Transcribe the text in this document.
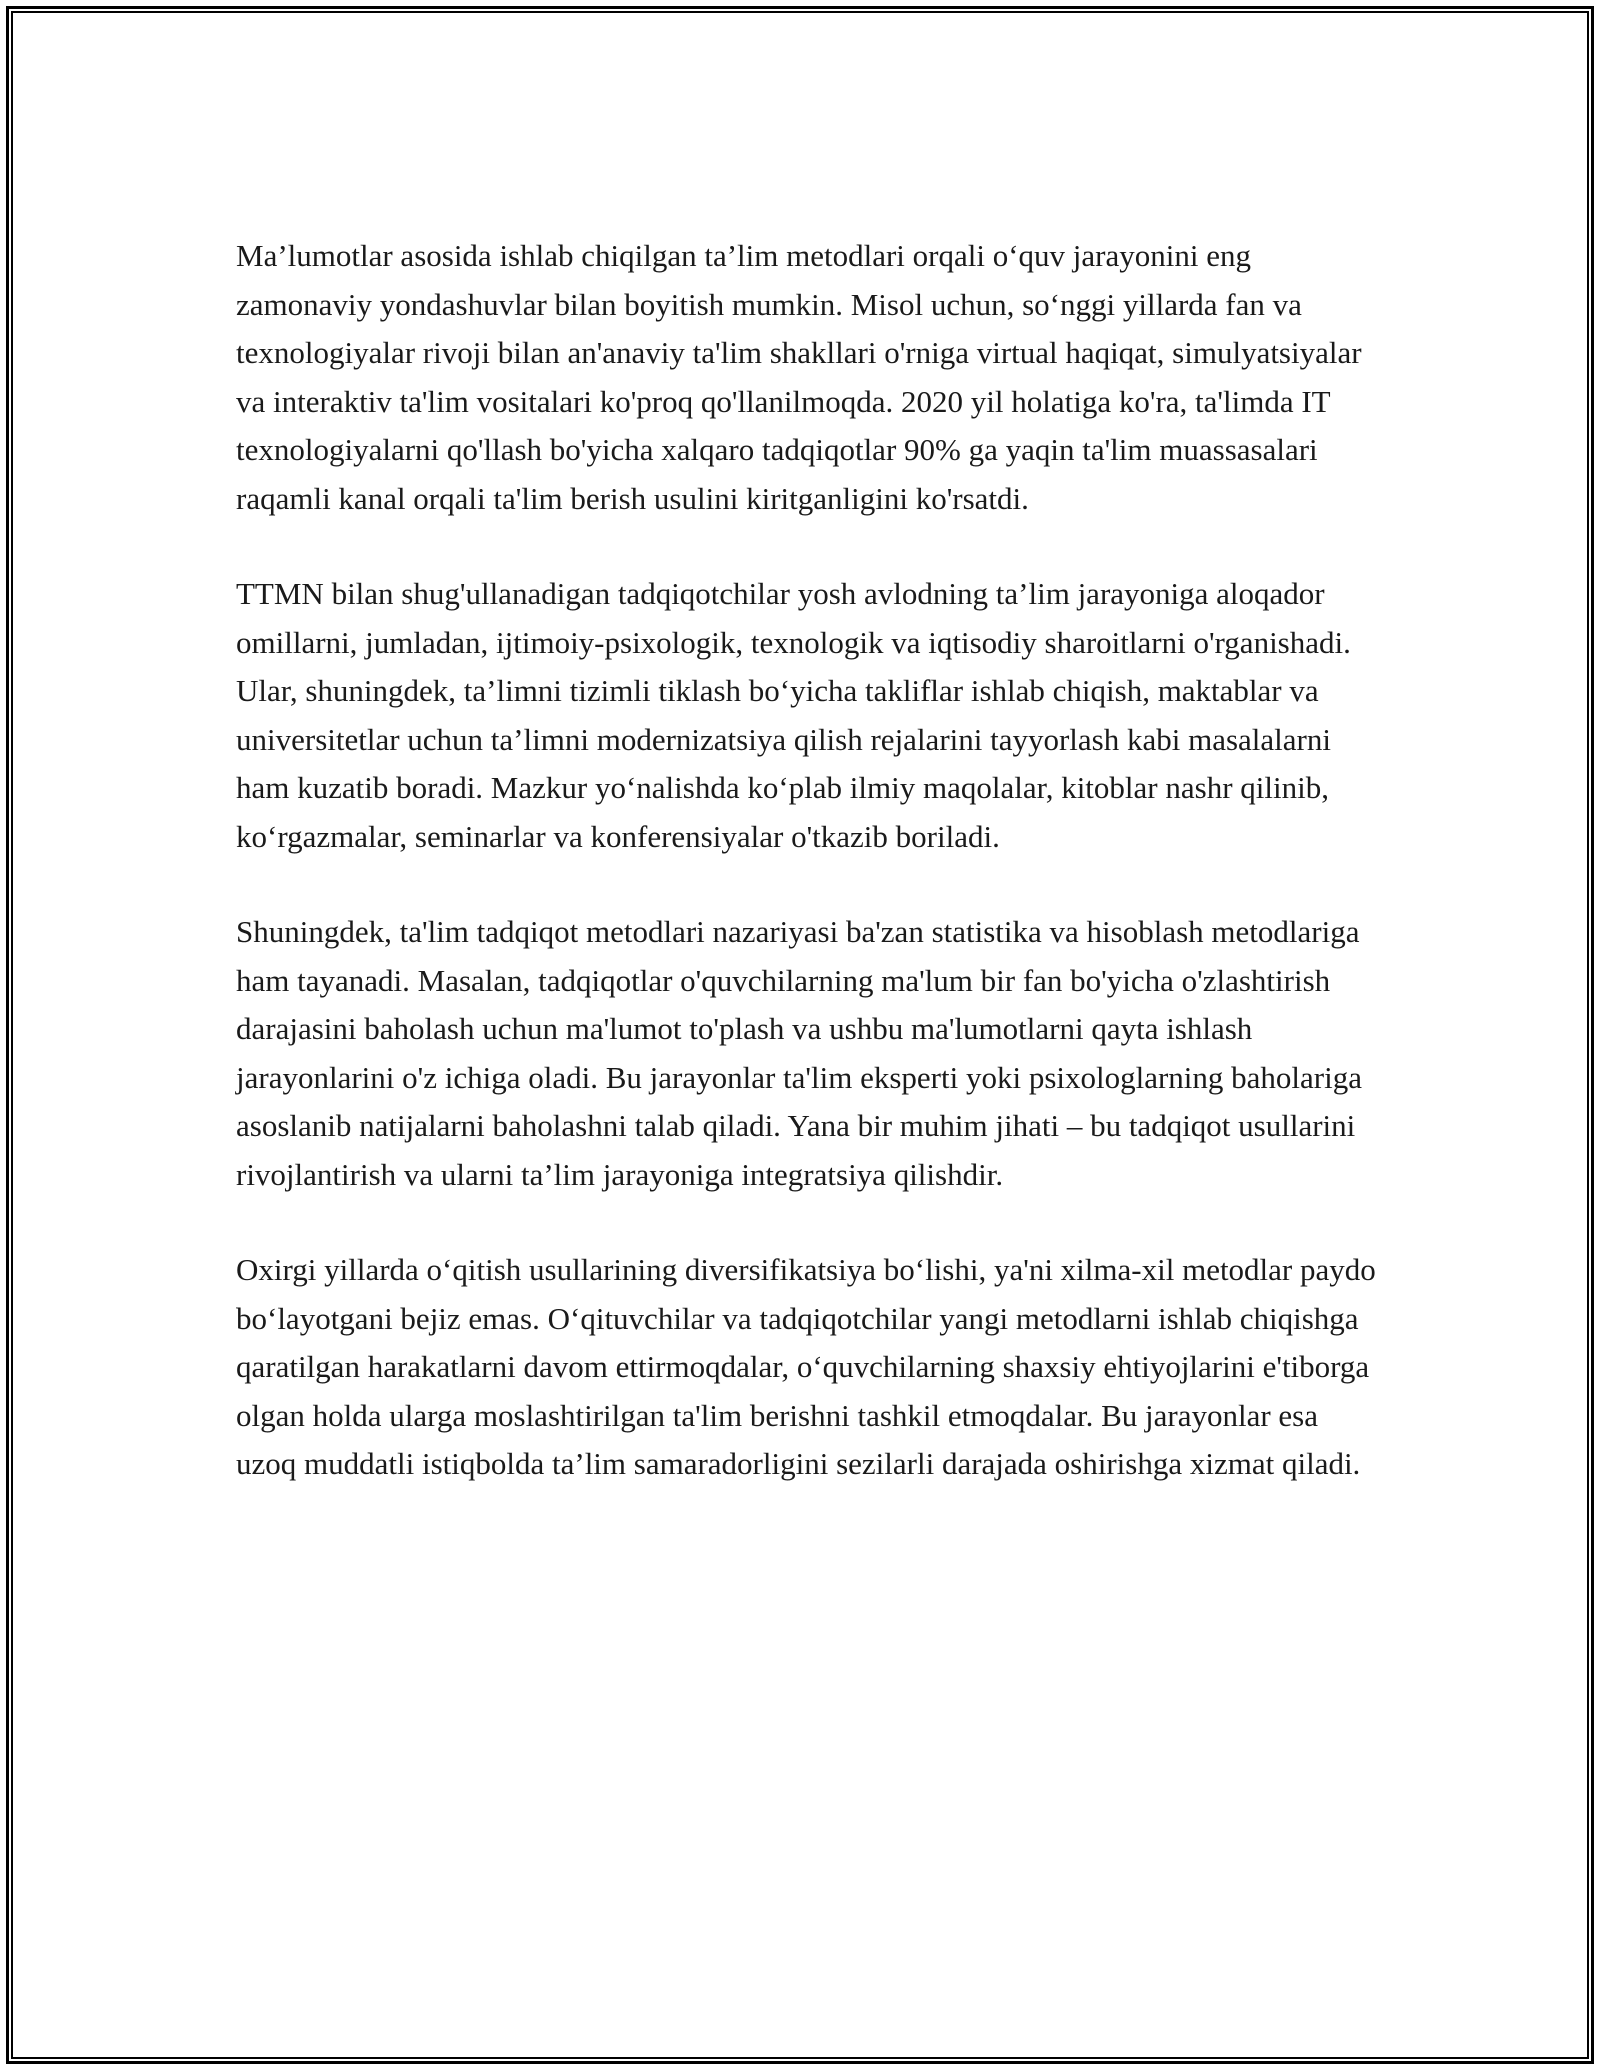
Ma’lumotlar asosida ishlab chiqilgan ta’lim metodlari orqali o‘quv jarayonini eng zamonaviy yondashuvlar bilan boyitish mumkin. Misol uchun, so‘nggi yillarda fan va texnologiyalar rivoji bilan an'anaviy ta'lim shakllari o'rniga virtual haqiqat, simulyatsiyalar va interaktiv ta'lim vositalari ko'proq qo'llanilmoqda. 2020 yil holatiga ko'ra, ta'limda IT texnologiyalarni qo'llash bo'yicha xalqaro tadqiqotlar 90% ga yaqin ta'lim muassasalari raqamli kanal orqali ta'lim berish usulini kiritganligini ko'rsatdi.

TTMN bilan shug'ullanadigan tadqiqotchilar yosh avlodning ta’lim jarayoniga aloqador omillarni, jumladan, ijtimoiy-psixologik, texnologik va iqtisodiy sharoitlarni o'rganishadi. Ular, shuningdek, ta’limni tizimli tiklash bo‘yicha takliflar ishlab chiqish, maktablar va universitetlar uchun ta’limni modernizatsiya qilish rejalarini tayyorlash kabi masalalarni ham kuzatib boradi. Mazkur yo‘nalishda ko‘plab ilmiy maqolalar, kitoblar nashr qilinib, ko‘rgazmalar, seminarlar va konferensiyalar o'tkazib boriladi.

Shuningdek, ta'lim tadqiqot metodlari nazariyasi ba'zan statistika va hisoblash metodlariga ham tayanadi. Masalan, tadqiqotlar o'quvchilarning ma'lum bir fan bo'yicha o'zlashtirish darajasini baholash uchun ma'lumot to'plash va ushbu ma'lumotlarni qayta ishlash jarayonlarini o'z ichiga oladi. Bu jarayonlar ta'lim eksperti yoki psixologlarning baholariga asoslanib natijalarni baholashni talab qiladi. Yana bir muhim jihati – bu tadqiqot usullarini rivojlantirish va ularni ta’lim jarayoniga integratsiya qilishdir.

Oxirgi yillarda o‘qitish usullarining diversifikatsiya bo‘lishi, ya'ni xilma-xil metodlar paydo bo‘layotgani bejiz emas. O‘qituvchilar va tadqiqotchilar yangi metodlarni ishlab chiqishga qaratilgan harakatlarni davom ettirmoqdalar, o‘quvchilarning shaxsiy ehtiyojlarini e'tiborga olgan holda ularga moslashtirilgan ta'lim berishni tashkil etmoqdalar. Bu jarayonlar esa uzoq muddatli istiqbolda ta’lim samaradorligini sezilarli darajada oshirishga xizmat qiladi.
